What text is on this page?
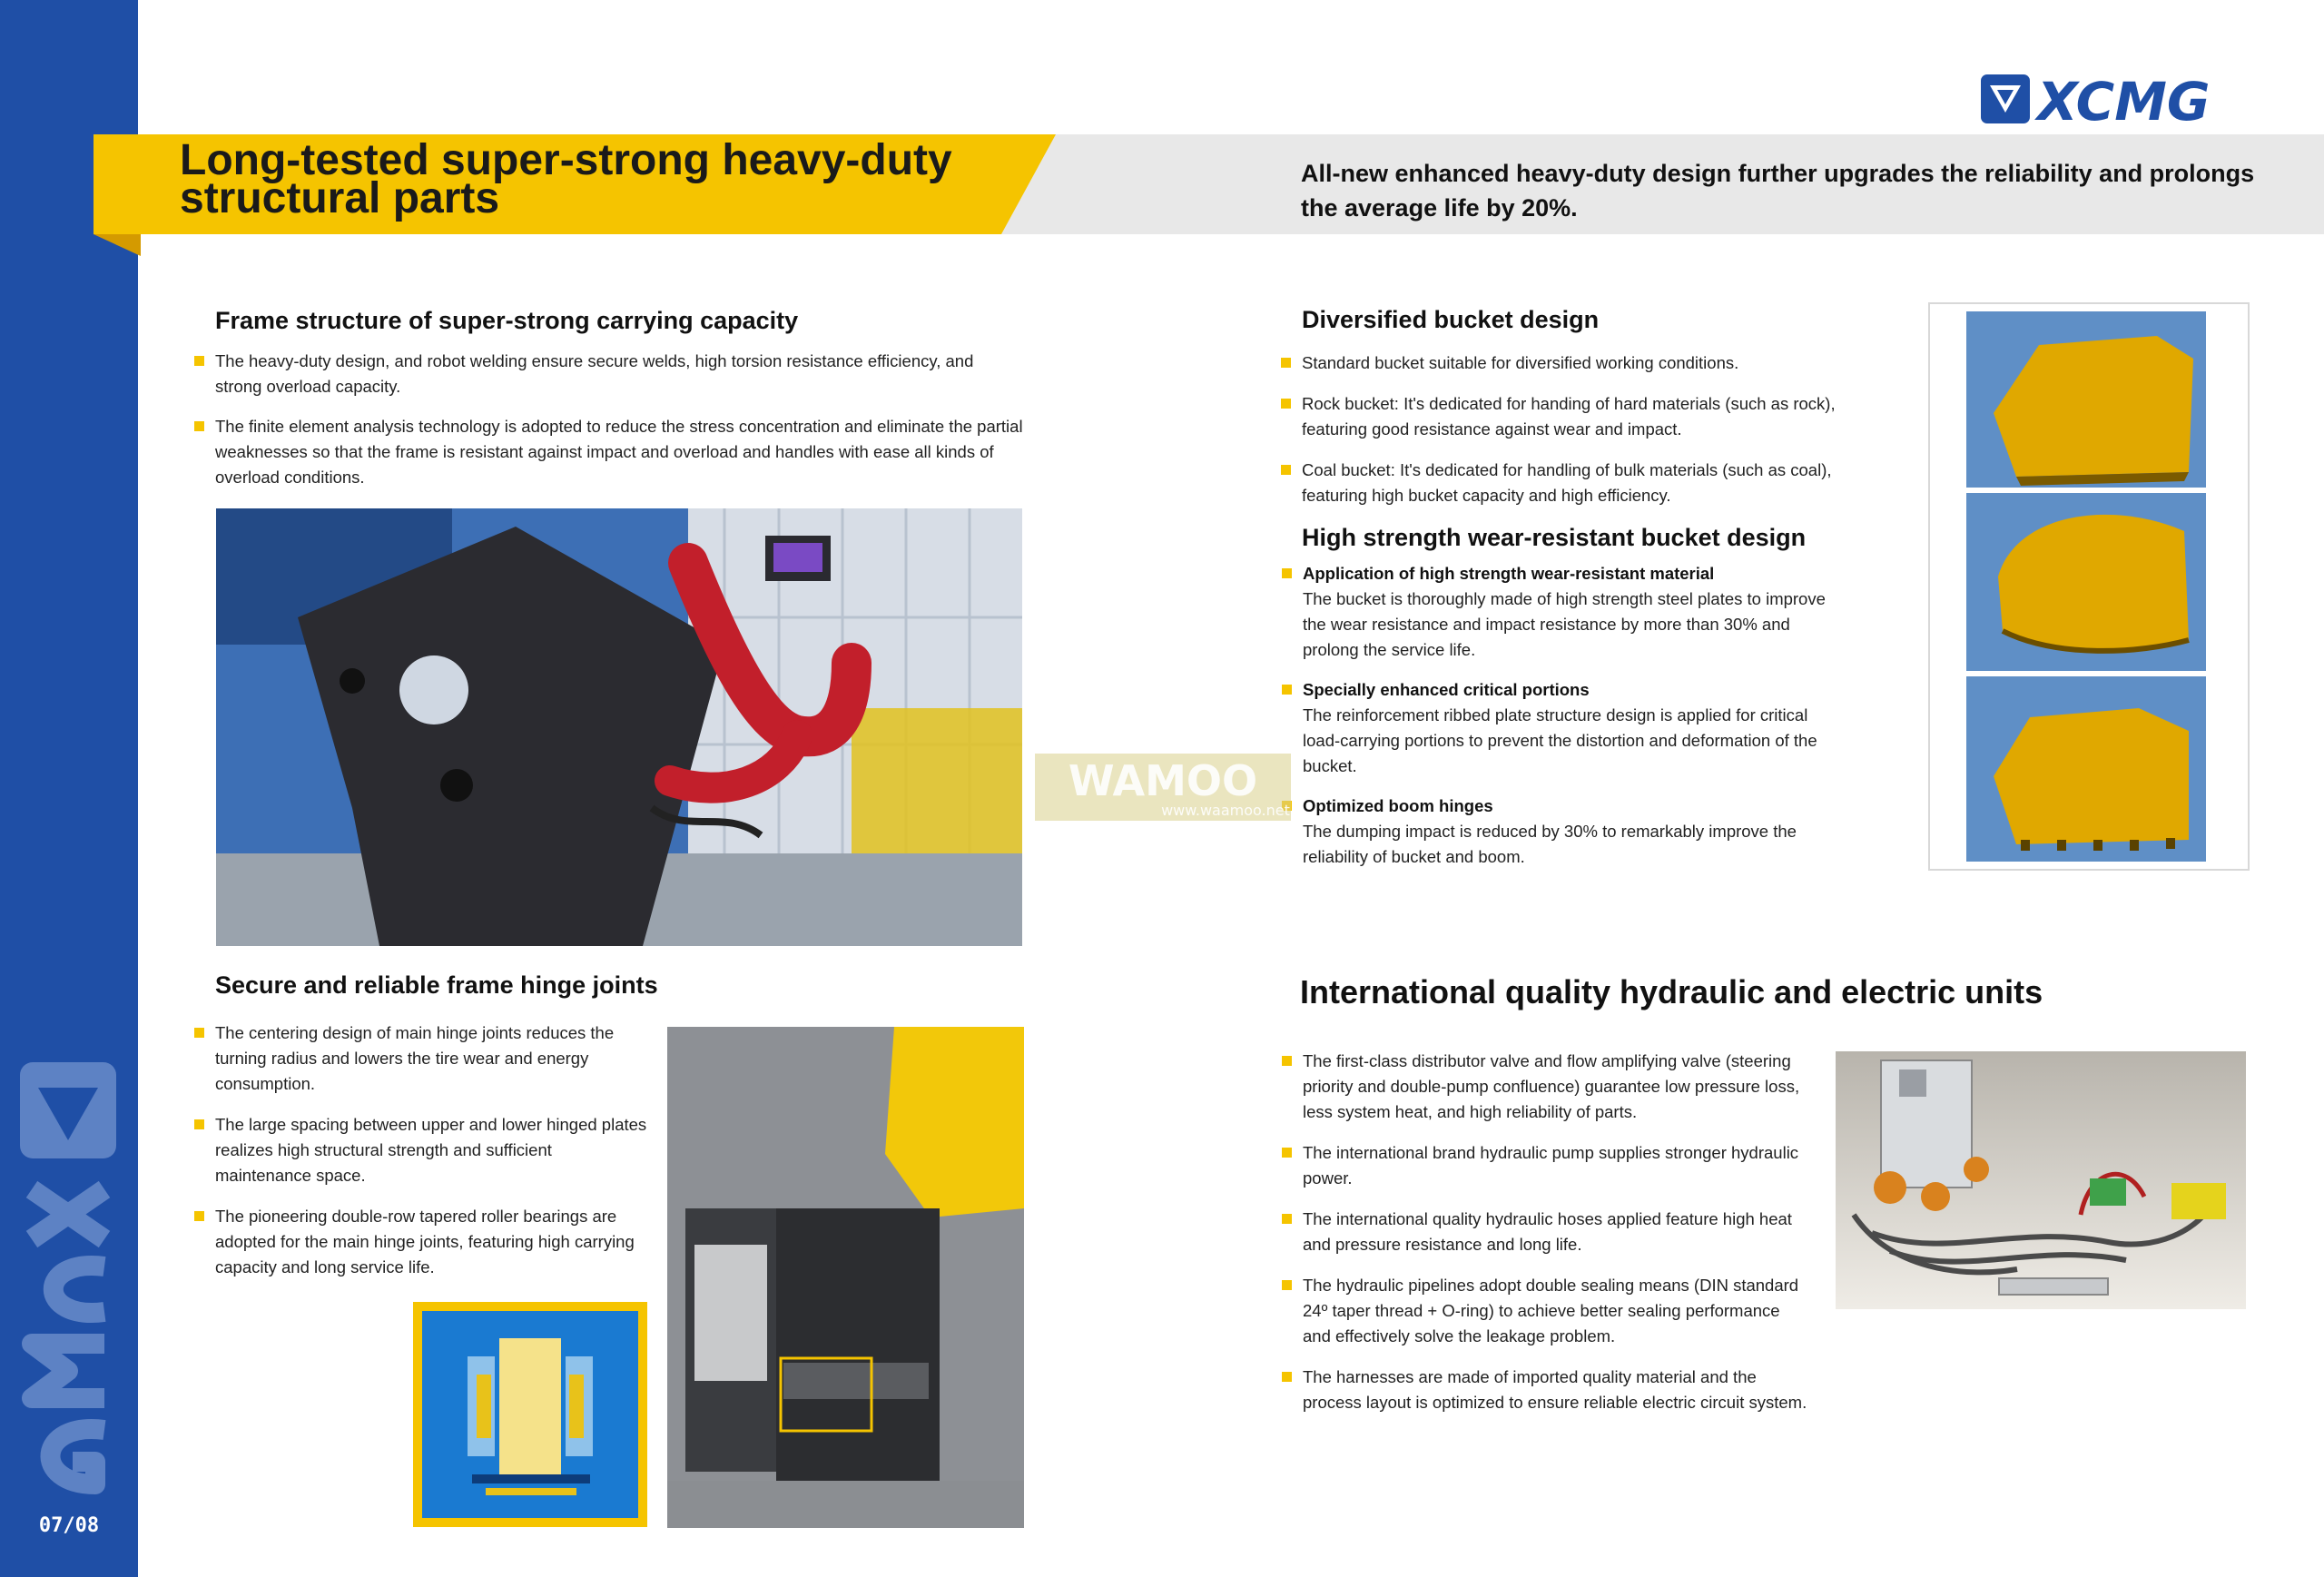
07/08
XCMG
Long-tested super-strong heavy-duty structural parts
All-new enhanced heavy-duty design further upgrades the reliability and prolongs the average life by 20%.
Frame structure of super-strong carrying capacity
The heavy-duty design, and robot welding ensure secure welds, high torsion resistance efficiency, and strong overload capacity.
The finite element analysis technology is adopted to reduce the stress concentration and eliminate the partial weaknesses so that the frame is resistant against impact and overload and handles with ease all kinds of overload conditions.
Secure and reliable frame hinge joints
The centering design of main hinge joints reduces the turning radius and lowers the tire wear and energy consumption.
The large spacing between upper and lower hinged plates realizes high structural strength and sufficient maintenance space.
The pioneering double-row tapered roller bearings are adopted for the main hinge joints, featuring high carrying capacity and long service life.
Diversified bucket design
Standard bucket suitable for diversified working conditions.
Rock bucket: It's dedicated for handing of hard materials (such as rock), featuring good resistance against wear and impact.
Coal bucket: It's dedicated for handling of bulk materials (such as coal), featuring high bucket capacity and high efficiency.
High strength wear-resistant bucket design
Application of high strength wear-resistant material
The bucket is thoroughly made of high strength steel plates to improve the wear resistance and impact resistance by more than 30% and prolong the service life.
Specially enhanced critical portions
The reinforcement ribbed plate structure design is applied for critical load-carrying portions to prevent the distortion and deformation of the bucket.
Optimized boom hinges
The dumping impact is reduced by 30% to remarkably improve the reliability of bucket and boom.
International quality hydraulic and electric units
The first-class distributor valve and flow amplifying valve (steering priority and double-pump confluence) guarantee low pressure loss, less system heat, and high reliability of parts.
The international brand hydraulic pump supplies stronger hydraulic power.
The international quality hydraulic hoses applied feature high heat and pressure resistance and long life.
The hydraulic pipelines adopt double sealing means (DIN standard 24º taper thread + O-ring) to achieve better sealing performance and effectively solve the leakage problem.
The harnesses are made of imported quality material and the process layout is optimized to ensure reliable electric circuit system.
WAMOO
www.waamoo.net
